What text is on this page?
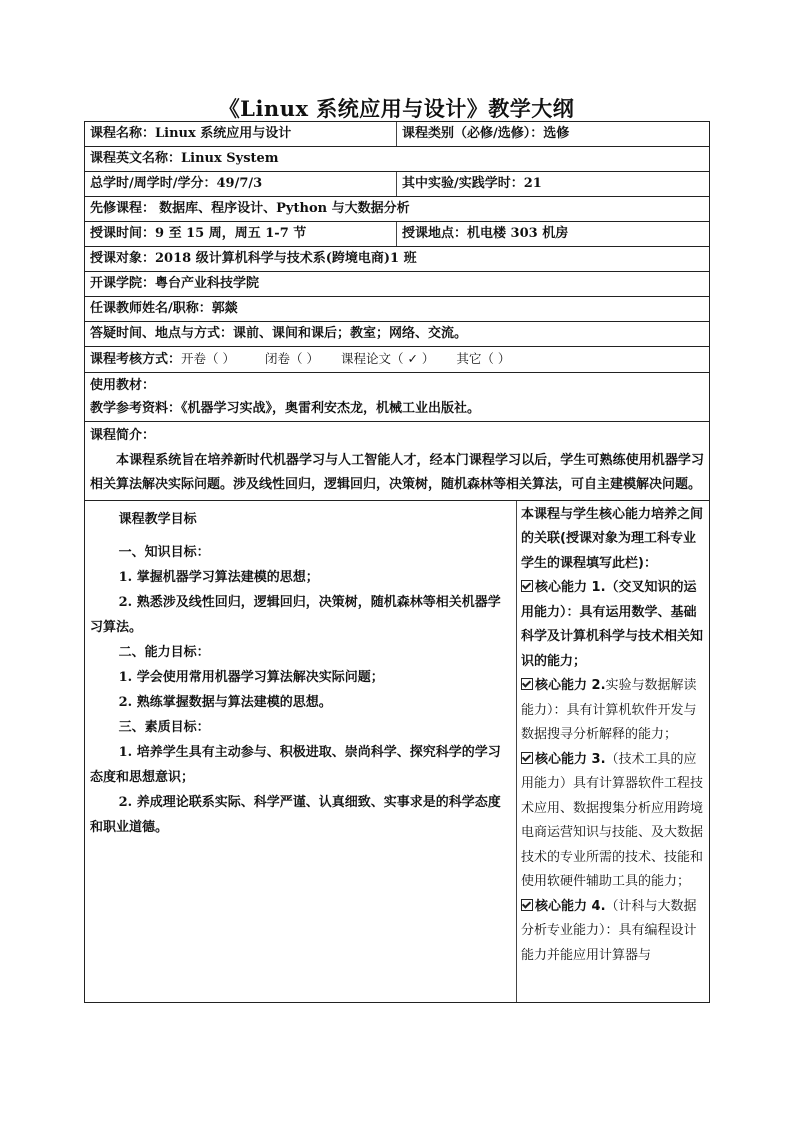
《Linux 系统应用与设计》教学大纲
课程名称：Linux 系统应用与设计	课程类别（必修/选修）：选修
课程英文名称：Linux System
总学时/周学时/学分：49/7/3	其中实验/实践学时：21
先修课程： 数据库、程序设计、Python 与大数据分析
授课时间：9 至 15 周，周五 1-7 节	授课地点：机电楼 303 机房
授课对象：2018 级计算机科学与技术系(跨境电商)1 班
开课学院：粤台产业科技学院
任课教师姓名/职称：郭燚
答疑时间、地点与方式：课前、课间和课后；教室；网络、交流。
课程考核方式：开卷（ ） 闭卷（ ） 课程论文（ ✓ ） 其它（ ）
使用教材：
教学参考资料：《机器学习实战》，奥雷利安杰龙，机械工业出版社。
课程简介：
本课程系统旨在培养新时代机器学习与人工智能人才，经本门课程学习以后，学生可熟练使用机器学习相关算法解决实际问题。涉及线性回归，逻辑回归，决策树，随机森林等相关算法，可自主建模解决问题。
课程教学目标
一、知识目标：
1. 掌握机器学习算法建模的思想；
2. 熟悉涉及线性回归，逻辑回归，决策树，随机森林等相关机器学习算法。
二、能力目标：
1. 学会使用常用机器学习算法解决实际问题；
2. 熟练掌握数据与算法建模的思想。
三、素质目标：
1. 培养学生具有主动参与、积极进取、崇尚科学、探究科学的学习态度和思想意识；
2. 养成理论联系实际、科学严谨、认真细致、实事求是的科学态度和职业道德。
本课程与学生核心能力培养之间的关联(授课对象为理工科专业学生的课程填写此栏)：
核心能力 1.（交叉知识的运用能力）：具有运用数学、基础科学及计算机科学与技术相关知识的能力；
核心能力 2.实验与数据解读能力）：具有计算机软件开发与数据搜寻分析解释的能力；
核心能力 3.（技术工具的应用能力）具有计算器软件工程技术应用、数据搜集分析应用跨境电商运营知识与技能、及大数据技术的专业所需的技术、技能和使用软硬件辅助工具的能力；
核心能力 4.（计科与大数据分析专业能力）：具有编程设计能力并能应用计算器与
